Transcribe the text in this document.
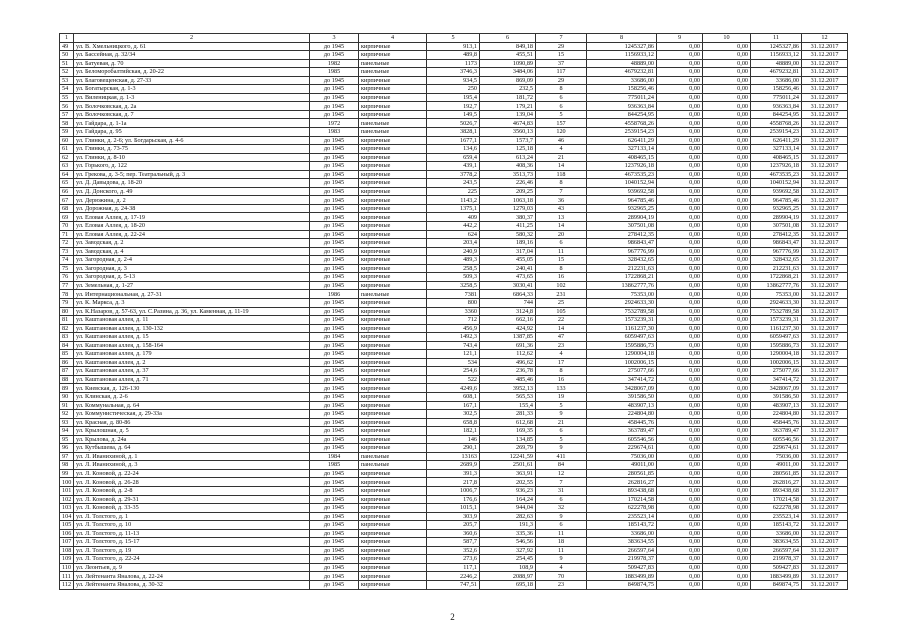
1	2	3	4	5	6	7	8	9	10	11	12
49	ул. В. Хмельницкого, д. 61	до 1945	кирпичные	913,1	849,18	29	1245327,86	0,00	0,00	1245327,86	31.12.2017
50	ул. Бассейная, д. 32/34	до 1945	кирпичные	489,8	455,51	15	1156933,12	0,00	0,00	1156933,12	31.12.2017
51	ул. Батуевая, д. 70	1982	панельные	1173	1090,89	37	48889,00	0,00	0,00	48889,00	31.12.2017
52	ул. Беломоробалтийская, д. 20-22	1985	панельные	3746,3	3484,06	117	4679232,81	0,00	0,00	4679232,81	31.12.2017
53	ул. Благовещенская, д. 27-33	до 1945	кирпичные	934,5	869,09	29	33686,00	0,00	0,00	33686,00	31.12.2017
54	ул. Богатырская, д. 1-3	до 1945	кирпичные	250	232,5	8	158256,46	0,00	0,00	158256,46	31.12.2017
55	ул. Виленицкая, д. 1-3	до 1945	кирпичные	195,4	181,72	6	775011,24	0,00	0,00	775011,24	31.12.2017
56	ул. Волочковская, д. 2а	до 1945	кирпичные	192,7	179,21	6	936363,84	0,00	0,00	936363,84	31.12.2017
57	ул. Волочковская, д. 7	до 1945	кирпичные	149,5	139,04	5	844254,95	0,00	0,00	844254,95	31.12.2017
58	ул. Гайдара, д. 1-1а	1972	панельные	5026,7	4674,83	157	4558768,26	0,00	0,00	4558768,26	31.12.2017
59	ул. Гайдара, д. 95	1983	панельные	3828,1	3560,13	120	2539154,23	0,00	0,00	2539154,23	31.12.2017
60	ул. Глинки, д. 2-6; ул. Богдарьская, д. 4-6	до 1945	кирпичные	1677,1	1573,7	46	626411,29	0,00	0,00	626411,29	31.12.2017
61	ул. Глинки, д. 73-75	до 1945	кирпичные	134,6	125,18	4	327133,14	0,00	0,00	327133,14	31.12.2017
62	ул. Глинки, д. 8-10	до 1945	кирпичные	659,4	613,24	21	408465,15	0,00	0,00	408465,15	31.12.2017
63	ул. Горького, д. 122	до 1945	кирпичные	439,1	408,36	14	1237926,18	0,00	0,00	1237926,18	31.12.2017
64	ул. Грекова, д. 3-5; пер. Театральный, д. 3	до 1945	кирпичные	3778,2	3513,73	118	4673535,23	0,00	0,00	4673535,23	31.12.2017
65	ул. Д. Давыдова, д. 18-20	до 1945	кирпичные	243,5	226,46	8	1040152,94	0,00	0,00	1040152,94	31.12.2017
66	ул. Д. Донского, д. 49	до 1945	кирпичные	225	209,25	7	939692,58	0,00	0,00	939692,58	31.12.2017
67	ул. Дерюжина, д. 2	до 1945	кирпичные	1143,2	1063,18	36	964785,46	0,00	0,00	964785,46	31.12.2017
68	ул. Дорожная, д. 24-38	до 1945	кирпичные	1375,1	1279,03	43	932965,25	0,00	0,00	932965,25	31.12.2017
69	ул. Еловая Аллея, д. 17-19	до 1945	кирпичные	409	380,37	13	289904,19	0,00	0,00	289904,19	31.12.2017
70	ул. Еловая Аллея, д. 18-20	до 1945	кирпичные	442,2	411,25	14	307501,08	0,00	0,00	307501,08	31.12.2017
71	ул. Еловая Аллея, д. 22-24	до 1945	кирпичные	624	580,32	20	278412,35	0,00	0,00	278412,35	31.12.2017
72	ул. Заводская, д. 2	до 1945	кирпичные	203,4	189,16	6	986843,47	0,00	0,00	986843,47	31.12.2017
73	ул. Заводская, д. 4	до 1945	кирпичные	240,9	317,04	11	967776,99	0,00	0,00	967776,99	31.12.2017
74	ул. Загородная, д. 2-4	до 1945	кирпичные	489,3	455,05	15	328432,65	0,00	0,00	328432,65	31.12.2017
75	ул. Загородная, д. 3	до 1945	кирпичные	258,5	240,41	8	212231,63	0,00	0,00	212231,63	31.12.2017
76	ул. Загородная, д. 5-13	до 1945	кирпичные	509,3	473,65	16	1722868,21	0,00	0,00	1722868,21	31.12.2017
77	ул. Земельная, д. 1-27	до 1945	кирпичные	3258,5	3030,41	102	13862777,76	0,00	0,00	13862777,76	31.12.2017
78	ул. Интернациональная, д. 27-31	1986	панельные	7381	6864,33	231	75353,00	0,00	0,00	75353,00	31.12.2017
79	ул. К. Маркса, д. 3	до 1945	кирпичные	800	744	25	2924633,30	0,00	0,00	2924633,30	31.12.2017
80	ул. К.Назаров, д. 57-63, ул. С.Разина, д. 36, ул. Каменная, д. 11-19	до 1945	кирпичные	3360	3124,8	105	7532789,58	0,00	0,00	7532789,58	31.12.2017
81	ул. Каштановая аллея, д. 11	до 1945	кирпичные	712	662,16	22	1573239,31	0,00	0,00	1573239,31	31.12.2017
82	ул. Каштановая аллея, д. 130-132	до 1945	кирпичные	456,9	424,92	14	1161237,30	0,00	0,00	1161237,30	31.12.2017
83	ул. Каштановая аллея, д. 15	до 1945	кирпичные	1492,3	1387,85	47	6059497,63	0,00	0,00	6059497,63	31.12.2017
84	ул. Каштановая аллея, д. 158-164	до 1945	кирпичные	743,4	691,36	23	1595886,73	0,00	0,00	1595886,73	31.12.2017
85	ул. Каштановая аллея, д. 179	до 1945	кирпичные	121,1	112,62	4	1290004,18	0,00	0,00	1290004,18	31.12.2017
86	ул. Каштановая аллея, д. 2	до 1945	кирпичные	534	496,62	17	1002006,15	0,00	0,00	1002006,15	31.12.2017
87	ул. Каштановая аллея, д. 37	до 1945	кирпичные	254,6	236,78	8	275077,66	0,00	0,00	275077,66	31.12.2017
88	ул. Каштановая аллея, д. 71	до 1945	кирпичные	522	485,46	16	347414,72	0,00	0,00	347414,72	31.12.2017
89	ул. Киевская, д. 126-130	до 1945	кирпичные	4249,6	3952,13	133	3428067,09	0,00	0,00	3428067,09	31.12.2017
90	ул. Клинская, д. 2-6	до 1945	кирпичные	608,1	565,53	19	391586,50	0,00	0,00	391586,50	31.12.2017
91	ул. Коммунальная, д. 64	до 1945	кирпичные	167,1	155,4	5	483907,13	0,00	0,00	483907,13	31.12.2017
92	ул. Коммунистическая, д. 29-33а	до 1945	кирпичные	302,5	281,33	9	224804,80	0,00	0,00	224804,80	31.12.2017
93	ул. Красная, д. 80-86	до 1945	кирпичные	658,8	612,68	21	458445,76	0,00	0,00	458445,76	31.12.2017
94	ул. Крылошная, д. 5	до 1945	кирпичные	182,1	169,35	6	363789,47	0,00	0,00	363789,47	31.12.2017
95	ул. Крылова, д. 24а	до 1945	кирпичные	146	134,85	5	605546,56	0,00	0,00	605546,56	31.12.2017
96	ул. Кутбышева, д. 64	до 1945	кирпичные	290,1	269,79	9	229674,61	0,00	0,00	229674,61	31.12.2017
97	ул. Л. Иванихиной, д. 1	1984	панельные	13163	12241,59	411	75036,00	0,00	0,00	75036,00	31.12.2017
98	ул. Л. Иванихиной, д. 3	1985	панельные	2689,9	2501,61	84	49011,00	0,00	0,00	49011,00	31.12.2017
99	ул. Л. Коновой, д. 22-24	до 1945	кирпичные	391,3	363,91	12	280561,85	0,00	0,00	280561,85	31.12.2017
100	ул. Л. Коновой, д. 26-28	до 1945	кирпичные	217,8	202,55	7	262816,27	0,00	0,00	262816,27	31.12.2017
101	ул. Л. Коновой, д. 2-8	до 1945	кирпичные	1006,7	936,23	31	893438,68	0,00	0,00	893438,68	31.12.2017
102	ул. Л. Коновой, д. 29-31	до 1945	кирпичные	176,6	164,24	6	170214,58	0,00	0,00	170214,58	31.12.2017
103	ул. Л. Коновой, д. 33-35	до 1945	кирпичные	1015,1	944,04	32	622278,98	0,00	0,00	622278,98	31.12.2017
104	ул. Л. Толстого, д. 1	до 1945	кирпичные	303,9	282,63	9	235523,14	0,00	0,00	235523,14	31.12.2017
105	ул. Л. Толстого, д. 10	до 1945	кирпичные	205,7	191,3	6	185143,72	0,00	0,00	185143,72	31.12.2017
106	ул. Л. Толстого, д. 11-13	до 1945	кирпичные	360,6	335,36	11	33686,00	0,00	0,00	33686,00	31.12.2017
107	ул. Л. Толстого, д. 15-17	до 1945	кирпичные	587,7	546,56	18	383634,55	0,00	0,00	383634,55	31.12.2017
108	ул. Л. Толстого, д. 19	до 1945	кирпичные	352,6	327,92	11	266597,64	0,00	0,00	266597,64	31.12.2017
109	ул. Л. Толстого, д. 22-24	до 1945	кирпичные	273,6	254,45	9	219978,37	0,00	0,00	219978,37	31.12.2017
110	ул. Леонтьев, д. 9	до 1945	кирпичные	117,1	108,9	4	509427,83	0,00	0,00	509427,83	31.12.2017
111	ул. Лейтенанта Яналова, д. 22-24	до 1945	кирпичные	2246,2	2088,97	70	1883499,89	0,00	0,00	1883499,89	31.12.2017
112	ул. Лейтенанта Яналова, д. 30-32	до 1945	кирпичные	747,51	695,18	23	849874,75	0,00	0,00	849874,75	31.12.2017
2
